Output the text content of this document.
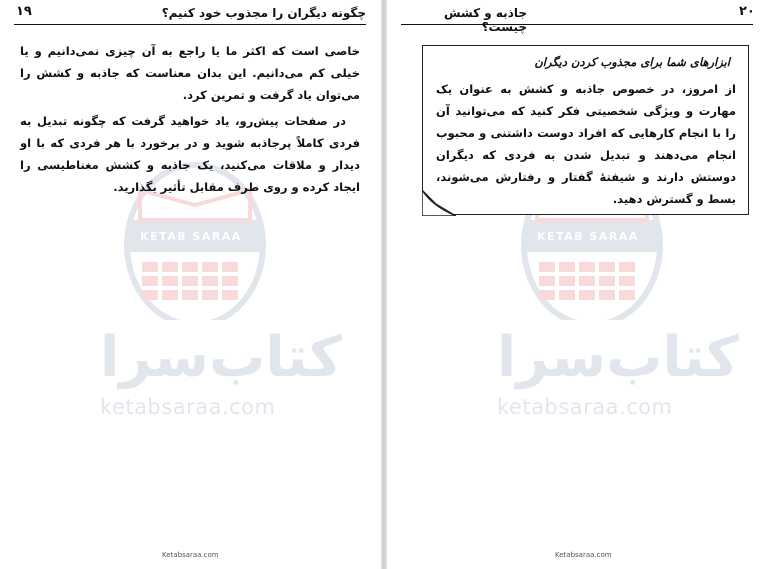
چگونه دیگران را مجذوب خود کنیم؟
۱۹
KETAB SARAA
کتاب‌سرا
ketabsaraa.com

خاصی است که اکثر ما یا راجع به آن چیزی نمی‌دانیم و یا خیلی کم می‌دانیم. این بدان معناست که جاذبه و کشش را می‌توان یاد گرفت و تمرین کرد.

در صفحات پیش‌رو، یاد خواهید گرفت که چگونه تبدیل به فردی کاملاً پرجاذبه شوید و در برخورد با هر فردی که با او دیدار و ملاقات می‌کنید، یک جاذبه و کشش مغناطیسی را ایجاد کرده و روی طرف مقابل تأثیر بگذارید.

Ketabsaraa.com
جاذبه و کشش چیست؟
۲۰
KETAB SARAA
کتاب‌سرا
ketabsaraa.com
Ketabsaraa.com
ابزارهای شما برای مجذوب کردن دیگران
از امروز، در خصوص جاذبه و کشش به عنوان یک مهارت و ویژگی شخصیتی فکر کنید که می‌توانید آن را با انجام کارهایی که افراد دوست داشتنی و محبوب انجام می‌دهند و تبدیل شدن به فردی که دیگران دوستش دارند و شیفتهٔ گفتار و رفتارش می‌شوند، بسط و گسترش دهید.
